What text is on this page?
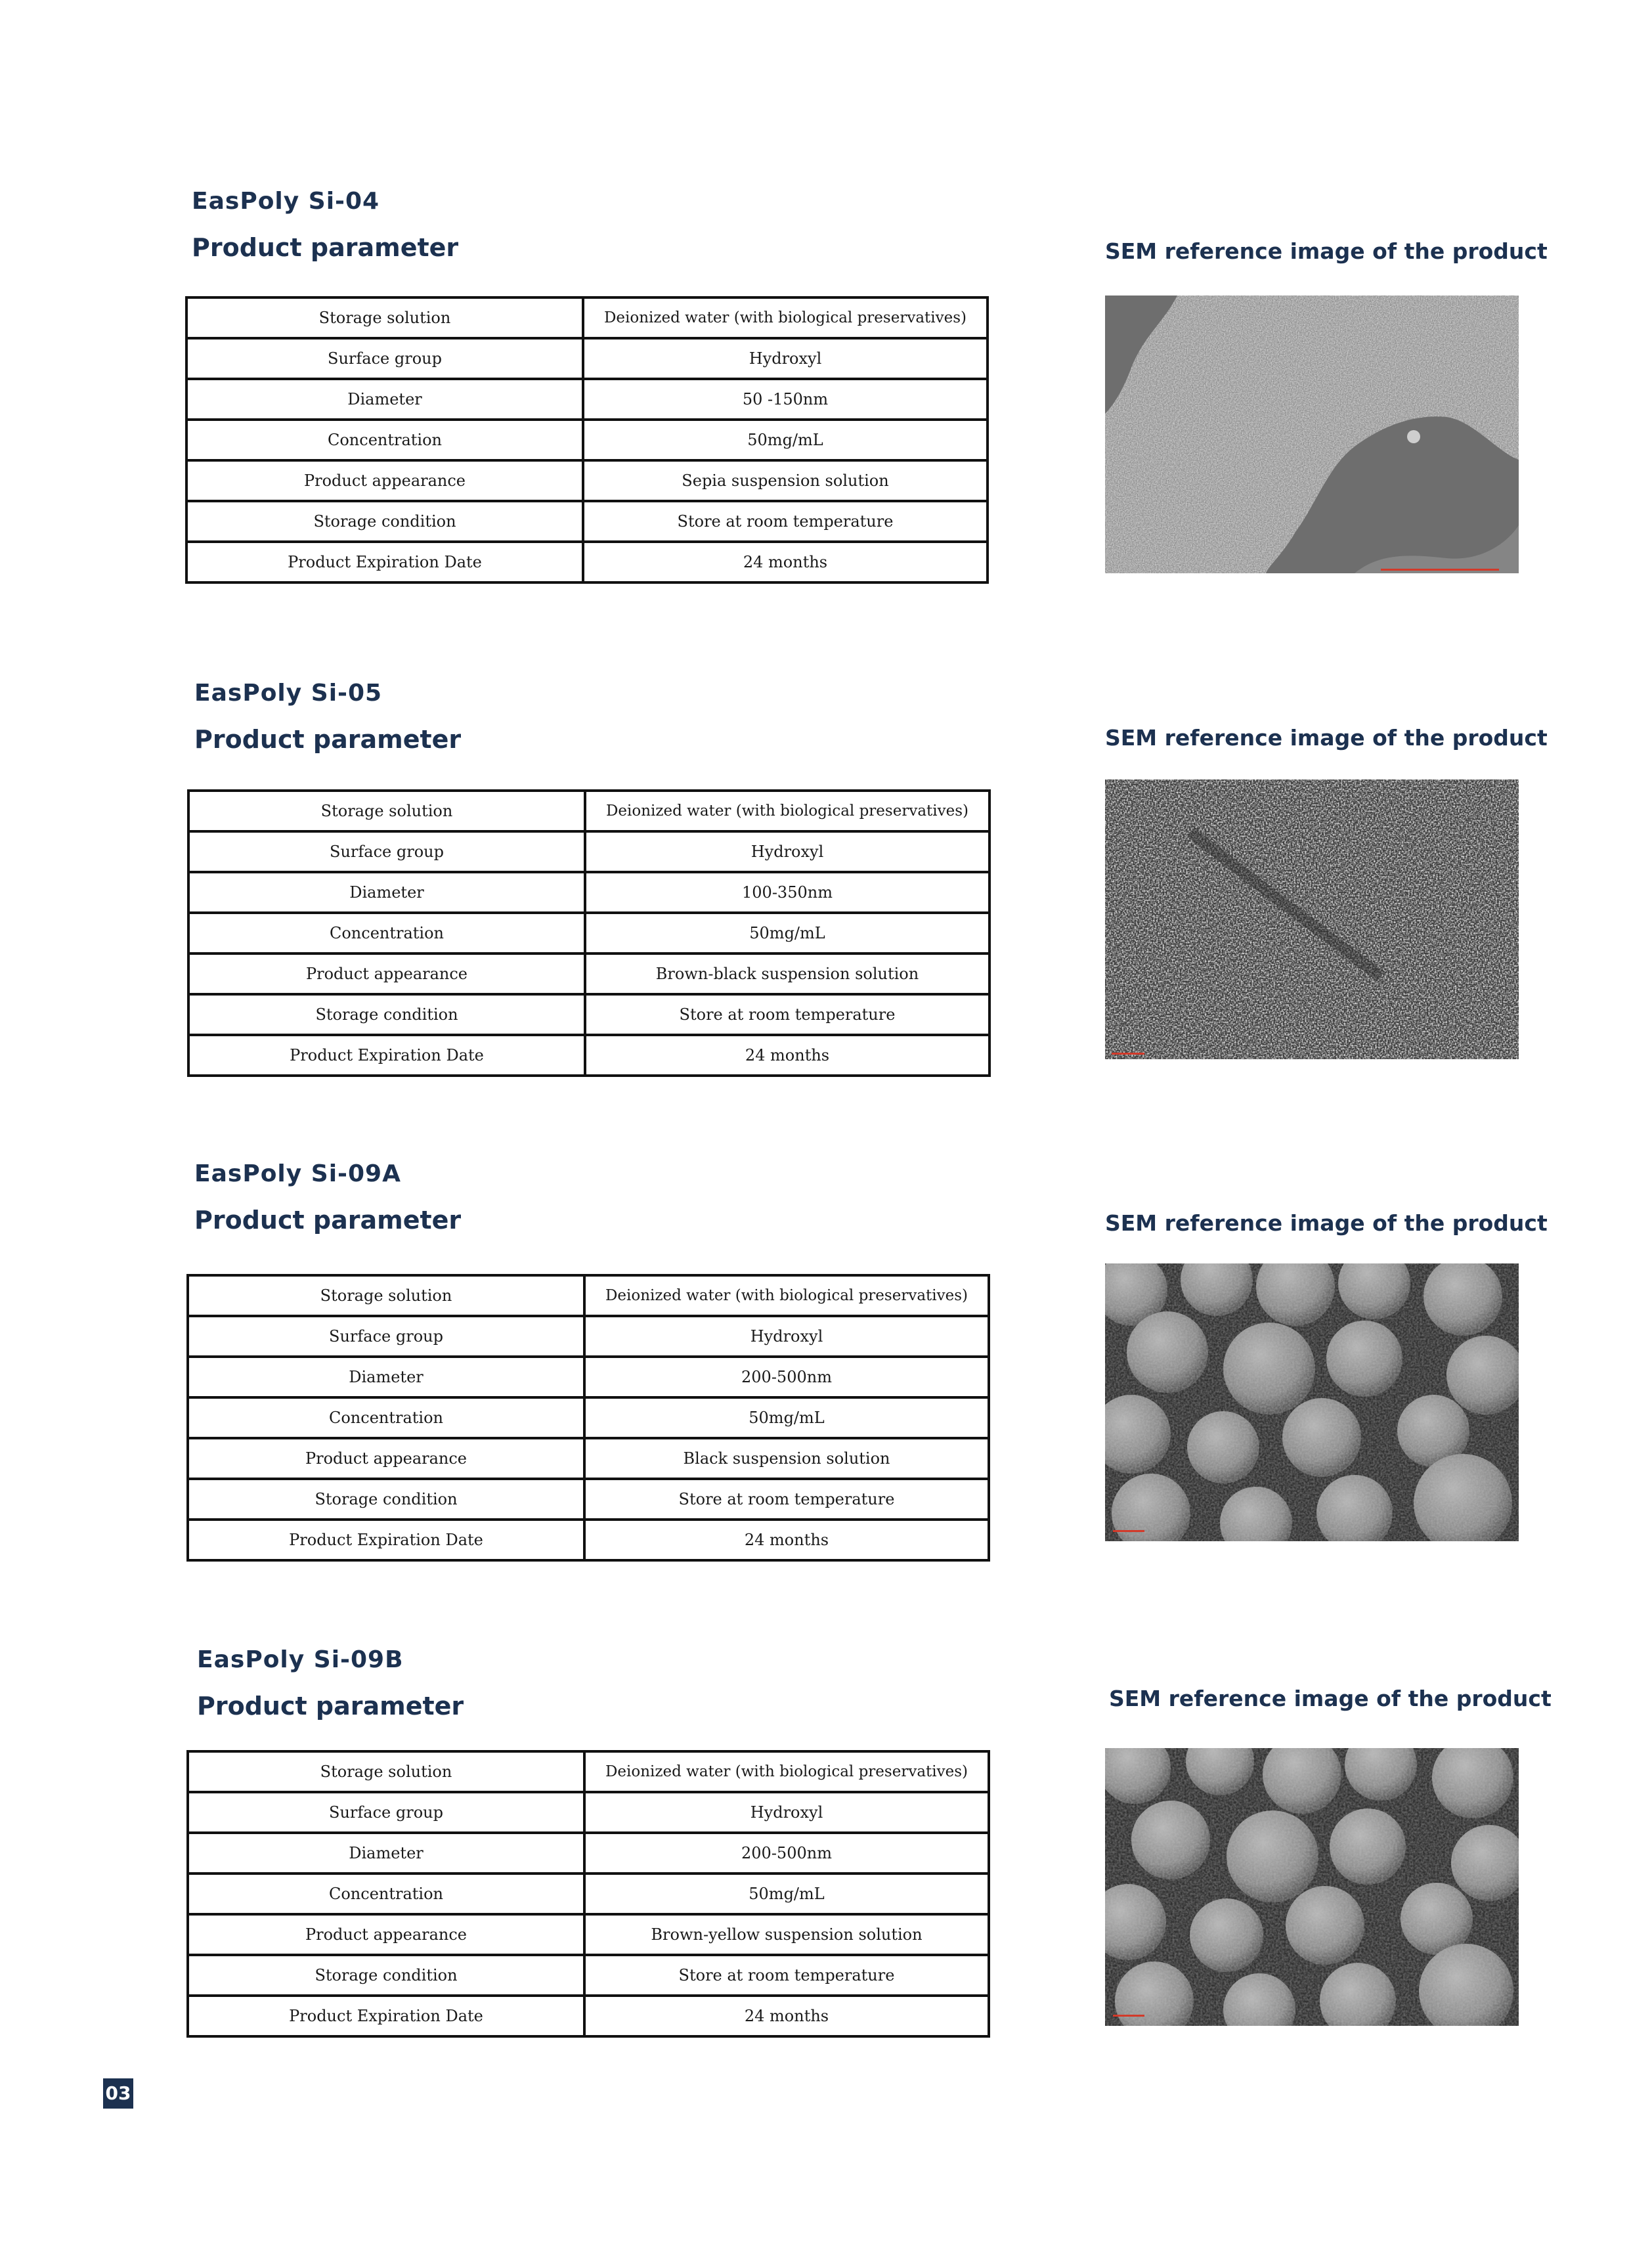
EasPoly Si-04
Product parameter	SEM reference image of the product
Storage solution	Deionized water (with biological preservatives)
Surface group	Hydroxyl
Diameter	50 -150nm
Concentration	50mg/mL
Product appearance	Sepia suspension solution
Storage condition	Store at room temperature
Product Expiration Date	24 months
EasPoly Si-05
Product parameter	SEM reference image of the product
Storage solution	Deionized water (with biological preservatives)
Surface group	Hydroxyl
Diameter	100-350nm
Concentration	50mg/mL
Product appearance	Brown-black suspension solution
Storage condition	Store at room temperature
Product Expiration Date	24 months
EasPoly Si-09A
Product parameter	SEM reference image of the product
Storage solution	Deionized water (with biological preservatives)
Surface group	Hydroxyl
Diameter	200-500nm
Concentration	50mg/mL
Product appearance	Black suspension solution
Storage condition	Store at room temperature
Product Expiration Date	24 months
EasPoly Si-09B
Product parameter	SEM reference image of the product
Storage solution	Deionized water (with biological preservatives)
Surface group	Hydroxyl
Diameter	200-500nm
Concentration	50mg/mL
Product appearance	Brown-yellow suspension solution
Storage condition	Store at room temperature
Product Expiration Date	24 months
03
